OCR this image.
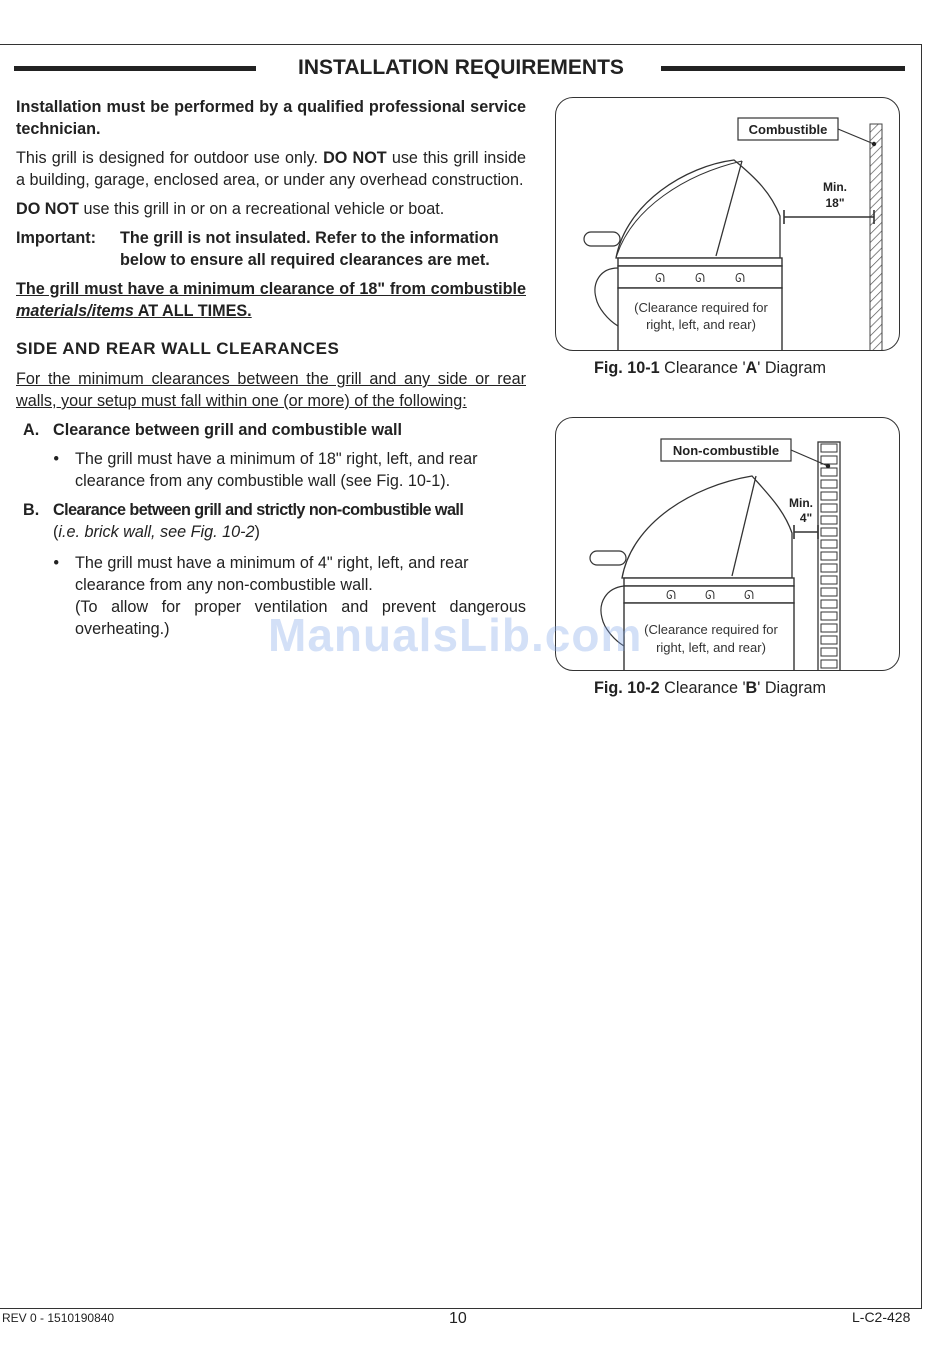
INSTALLATION REQUIREMENTS

Installation must be performed by a qualified professional service technician.

This grill is designed for outdoor use only. DO NOT use this grill inside a building, garage, enclosed area, or under any overhead construction.

DO NOT use this grill in or on a recreational vehicle or boat.

Important:	The grill is not insulated. Refer to the information below to ensure all required clearances are met.

The grill must have a minimum clearance of 18" from combustible materials/items AT ALL TIMES.

SIDE AND REAR WALL CLEARANCES

For the minimum clearances between the grill and any side or rear walls, your setup must fall within one (or more) of the following:

A. Clearance between grill and combustible wall
• The grill must have a minimum of 18" right, left, and rear clearance from any combustible wall (see Fig. 10-1).
B. Clearance between grill and strictly non-combustible wall
(i.e. brick wall, see Fig. 10-2)
• The grill must have a minimum of 4" right, left, and rear clearance from any non-combustible wall.

(To allow for proper ventilation and prevent dangerous overheating.)
Combustible
ᘏ	ᘏ	ᘏ
Min.
18"
(Clearance required for
right, left, and rear)
Fig. 10-1 Clearance 'A' Diagram
Non-combustible
ᘏ ᘏ ᘏ
Min.
4"
(Clearance required for
right, left, and rear)
Fig. 10-2 Clearance 'B' Diagram
ManualsLib.com
REV 0 - 1510190840	10	L-C2-428
